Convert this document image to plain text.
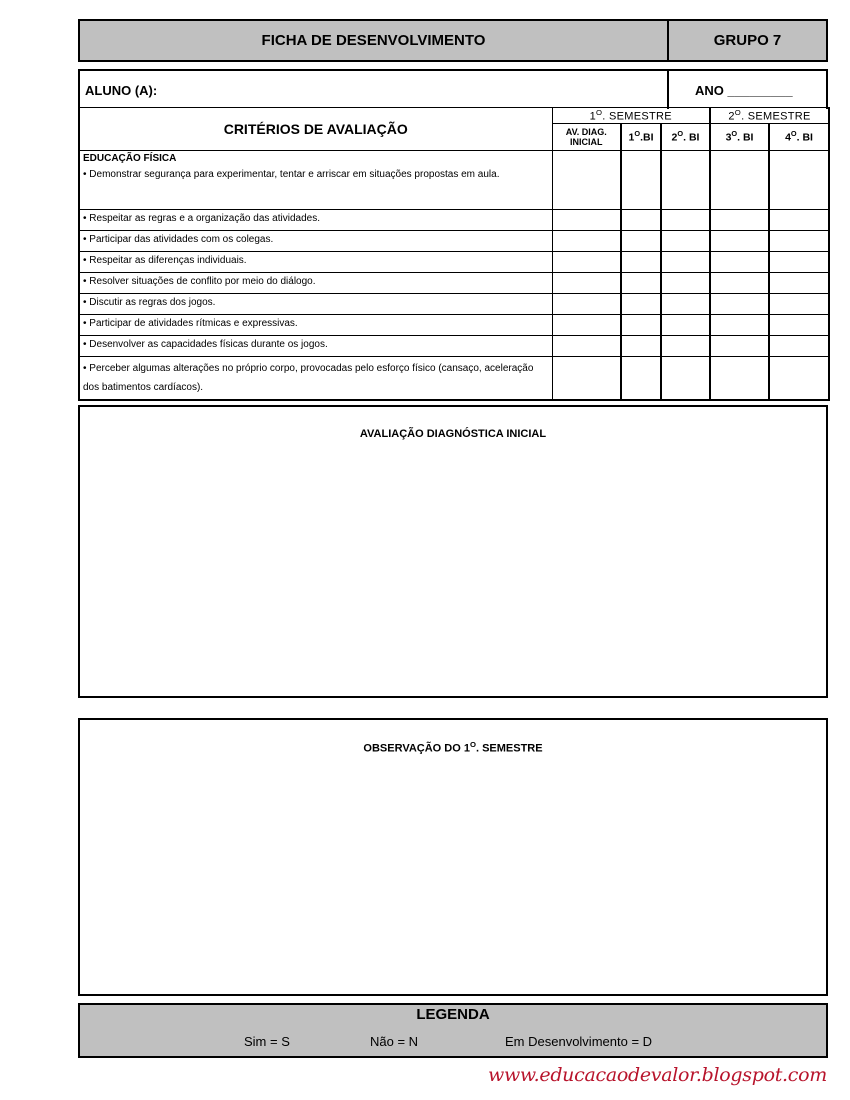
FICHA DE DESENVOLVIMENTO	GRUPO 7
ALUNO (A):	ANO _________
CRITÉRIOS DE AVALIAÇÃO	$1^O$. SEMESTRE			$2^O$. SEMESTRE	
	AV. DIAG.
INICIAL	$1^O.BI$	$2^O$. BI	$3^O$. BI	$4^O$. BI

EDUCAÇÃO FÍSICA
• Demonstrar segurança para experimentar, tentar e arriscar em situações propostas em aula.					
• Respeitar as regras e a organização das atividades.					
• Participar das atividades com os colegas.					
• Respeitar as diferenças individuais.					
• Resolver situações de conflito por meio do diálogo.					
• Discutir as regras dos jogos.					
• Participar de atividades rítmicas e expressivas.					
• Desenvolver as capacidades físicas durante os jogos.					
• Perceber algumas alterações no próprio corpo, provocadas pelo esforço físico (cansaço, aceleração dos batimentos cardíacos).					
AVALIAÇÃO DIAGNÓSTICA INICIAL
OBSERVAÇÃO DO $1^O$. SEMESTRE
LEGENDA
Sim = S	Não = N	Em Desenvolvimento = D
www.educacaodevalor.blogspot.com
